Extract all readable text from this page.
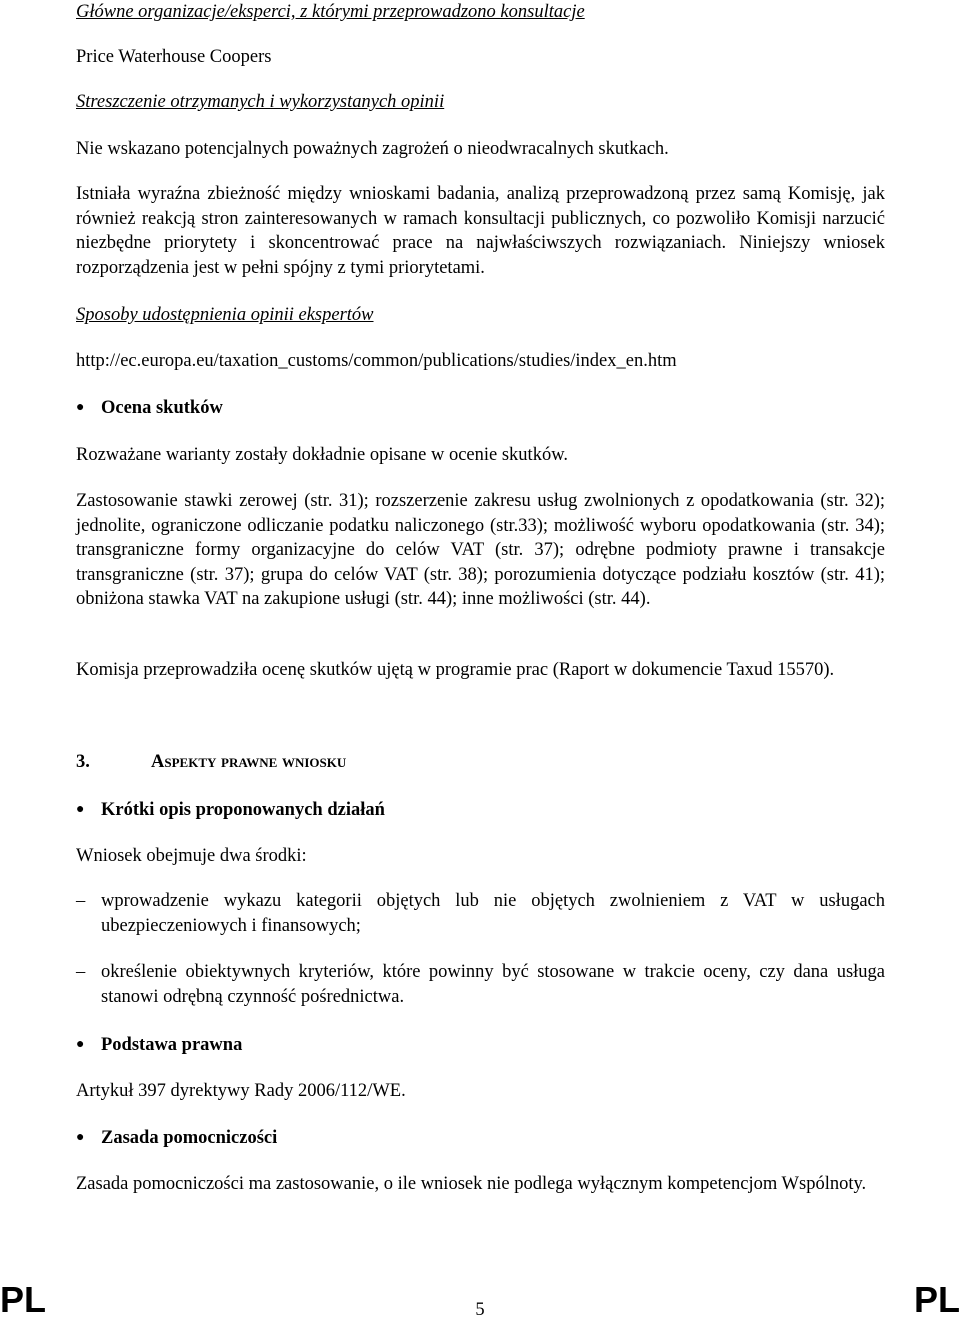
Główne organizacje/eksperci, z którymi przeprowadzono konsultacje

Price Waterhouse Coopers

Streszczenie otrzymanych i wykorzystanych opinii

Nie wskazano potencjalnych poważnych zagrożeń o nieodwracalnych skutkach.

Istniała wyraźna zbieżność między wnioskami badania, analizą przeprowadzoną przez samą Komisję, jak również reakcją stron zainteresowanych w ramach konsultacji publicznych, co pozwoliło Komisji narzucić niezbędne priorytety i skoncentrować prace na najwłaściwszych rozwiązaniach. Niniejszy wniosek rozporządzenia jest w pełni spójny z tymi priorytetami.

Sposoby udostępnienia opinii ekspertów

http://ec.europa.eu/taxation_customs/common/publications/studies/index_en.htm

● Ocena skutków

Rozważane warianty zostały dokładnie opisane w ocenie skutków.

Zastosowanie stawki zerowej (str. 31); rozszerzenie zakresu usług zwolnionych z opodatkowania (str. 32); jednolite, ograniczone odliczanie podatku naliczonego (str.33); możliwość wyboru opodatkowania (str. 34); transgraniczne formy organizacyjne do celów VAT (str. 37); odrębne podmioty prawne i transakcje transgraniczne (str. 37); grupa do celów VAT (str. 38); porozumienia dotyczące podziału kosztów (str. 41); obniżona stawka VAT na zakupione usługi (str. 44); inne możliwości (str. 44).

Komisja przeprowadziła ocenę skutków ujętą w programie prac (Raport w dokumencie Taxud 15570).

3.	Aspekty prawne wniosku
● Krótki opis proponowanych działań

Wniosek obejmuje dwa środki:

– wprowadzenie wykazu kategorii objętych lub nie objętych zwolnieniem z VAT w usługach ubezpieczeniowych i finansowych;
– określenie obiektywnych kryteriów, które powinny być stosowane w trakcie oceny, czy dana usługa stanowi odrębną czynność pośrednictwa.
● Podstawa prawna

Artykuł 397 dyrektywy Rady 2006/112/WE.

● Zasada pomocniczości

Zasada pomocniczości ma zastosowanie, o ile wniosek nie podlega wyłącznym kompetencjom Wspólnoty.

5
PL	PL
